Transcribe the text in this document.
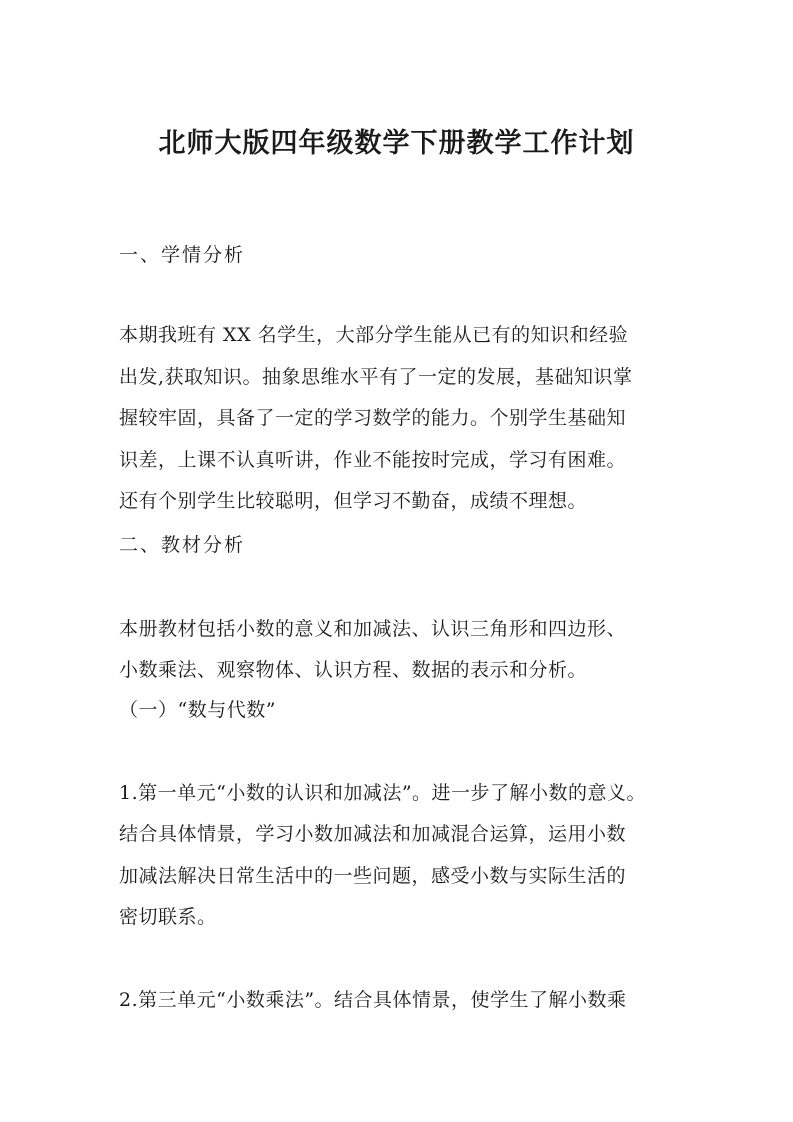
北师大版四年级数学下册教学工作计划
一、学情分析
本期我班有 XX 名学生，大部分学生能从已有的知识和经验
出发,获取知识。抽象思维水平有了一定的发展，基础知识掌
握较牢固，具备了一定的学习数学的能力。个别学生基础知
识差，上课不认真听讲，作业不能按时完成，学习有困难。
还有个别学生比较聪明，但学习不勤奋，成绩不理想。
二、教材分析
本册教材包括小数的意义和加减法、认识三角形和四边形、
小数乘法、观察物体、认识方程、数据的表示和分析。
（一）“数与代数”
1.第一单元“小数的认识和加减法”。进一步了解小数的意义。
结合具体情景，学习小数加减法和加减混合运算，运用小数
加减法解决日常生活中的一些问题，感受小数与实际生活的
密切联系。
2.第三单元“小数乘法”。结合具体情景，使学生了解小数乘
